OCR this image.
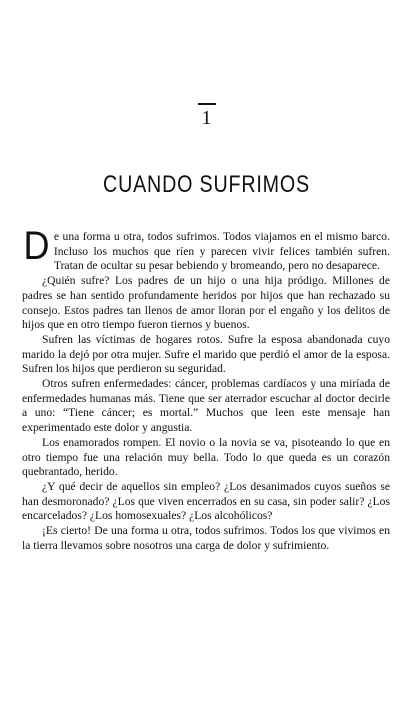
1
CUANDO SUFRIMOS

D e una forma u otra, todos sufrimos. Todos viajamos en el mismo barco. Incluso los muchos que ríen y parecen vivir felices también sufren. Tratan de ocultar su pesar bebiendo y bromeando, pero no desaparece.

¿Quién sufre? Los padres de un hijo o una hija pródigo. Millones de padres se han sentido profundamente heridos por hijos que han rechazado su consejo. Estos padres tan llenos de amor lloran por el engaño y los delitos de hijos que en otro tiempo fueron tiernos y buenos.

Sufren las víctimas de hogares rotos. Sufre la esposa abandonada cuyo marido la dejó por otra mujer. Sufre el marido que perdió el amor de la esposa. Sufren los hijos que perdieron su seguridad.

Otros sufren enfermedades: cáncer, problemas cardíacos y una miríada de enfermedades humanas más. Tiene que ser aterrador escuchar al doctor decirle a uno: “Tiene cáncer; es mortal.” Muchos que leen este mensaje han experimentado este dolor y angustia.

Los enamorados rompen. El novio o la novia se va, pisoteando lo que en otro tiempo fue una relación muy bella. Todo lo que queda es un corazón quebrantado, herido.

¿Y qué decir de aquellos sin empleo? ¿Los desanimados cuyos sueños se han desmoronado? ¿Los que viven encerrados en su casa, sin poder salir? ¿Los encarcelados? ¿Los homosexuales? ¿Los alcohólicos?

¡Es cierto! De una forma u otra, todos sufrimos. Todos los que vivimos en la tierra llevamos sobre nosotros una carga de dolor y sufrimiento.
